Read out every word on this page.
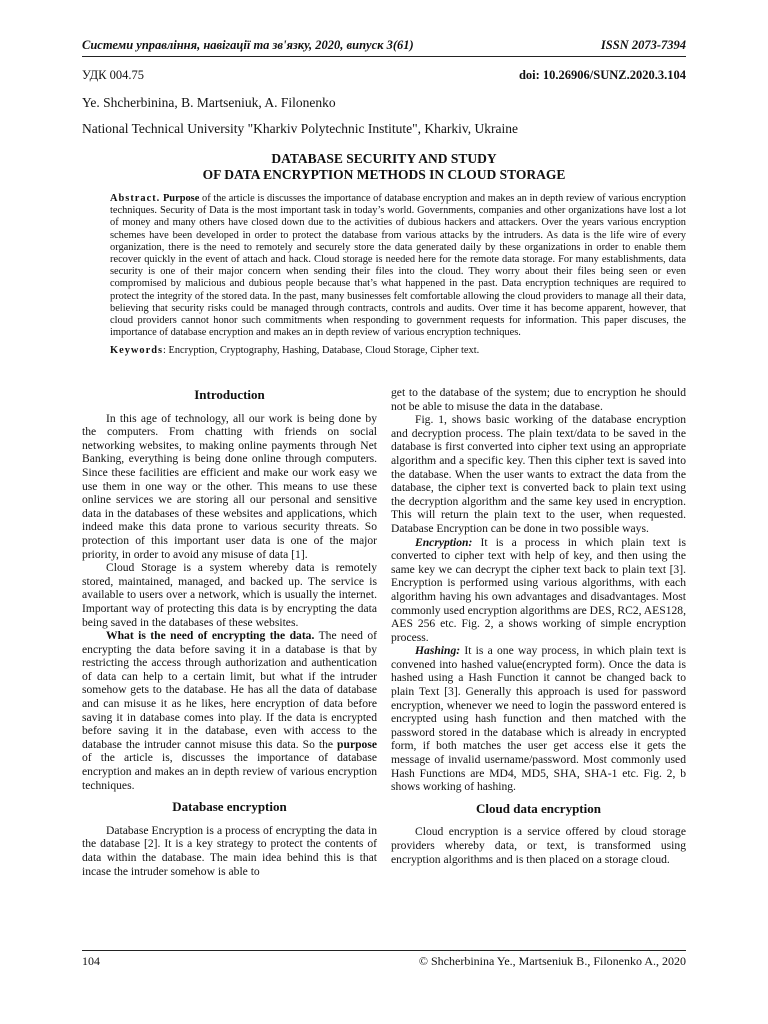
Системи управління, навігації та зв'язку, 2020, випуск 3(61)	ISSN 2073-7394
УДК 004.75	doi: 10.26906/SUNZ.2020.3.104
Ye. Shcherbinina, B. Martseniuk, A. Filonenko
National Technical University "Kharkiv Polytechnic Institute", Kharkiv, Ukraine
DATABASE SECURITY AND STUDY
OF DATA ENCRYPTION METHODS IN CLOUD STORAGE
Abstract. Purpose of the article is discusses the importance of database encryption and makes an in depth review of various encryption techniques. Security of Data is the most important task in today’s world. Governments, companies and other organizations have lost a lot of money and many others have closed down due to the activities of dubious hackers and attackers. Over the years various encryption schemes have been developed in order to protect the database from various attacks by the intruders. As data is the life wire of every organization, there is the need to remotely and securely store the data generated daily by these organizations in order to enable them recover quickly in the event of attach and hack. Cloud storage is needed here for the remote data storage. For many establishments, data security is one of their major concern when sending their files into the cloud. They worry about their files being seen or even compromised by malicious and dubious people because that’s what happened in the past. Data encryption techniques are required to protect the integrity of the stored data. In the past, many businesses felt comfortable allowing the cloud providers to manage all their data, believing that security risks could be managed through contracts, controls and audits. Over time it has become apparent, however, that cloud providers cannot honor such commitments when responding to government requests for information. This paper discuses, the importance of database encryption and makes an in depth review of various encryption techniques.
Keywords: Encryption, Cryptography, Hashing, Database, Cloud Storage, Cipher text.
Introduction

In this age of technology, all our work is being done by the computers. From chatting with friends on social networking websites, to making online payments through Net Banking, everything is being done online through computers. Since these facilities are efficient and make our work easy we use them in one way or the other. This means to use these online services we are storing all our personal and sensitive data in the databases of these websites and applications, which indeed make this data prone to various security threats. So protection of this important user data is one of the major priority, in order to avoid any misuse of data [1].

Cloud Storage is a system whereby data is remotely stored, maintained, managed, and backed up. The service is available to users over a network, which is usually the internet. Important way of protecting this data is by encrypting the data being saved in the databases of these websites.

What is the need of encrypting the data. The need of encrypting the data before saving it in a database is that by restricting the access through authorization and authentication of data can help to a certain limit, but what if the intruder somehow gets to the database. He has all the data of database and can misuse it as he likes, here encryption of data before saving it in database comes into play. If the data is encrypted before saving it in the database, even with access to the database the intruder cannot misuse this data. So the purpose of the article is, discusses the importance of database encryption and makes an in depth review of various encryption techniques.

Database encryption

Database Encryption is a process of encrypting the data in the database [2]. It is a key strategy to protect the contents of data within the database. The main idea behind this is that incase the intruder somehow is able to

get to the database of the system; due to encryption he should not be able to misuse the data in the database.

Fig. 1, shows basic working of the database encryption and decryption process. The plain text/data to be saved in the database is first converted into cipher text using an appropriate algorithm and a specific key. Then this cipher text is saved into the database. When the user wants to extract the data from the database, the cipher text is converted back to plain text using the decryption algorithm and the same key used in encryption. This will return the plain text to the user, when requested. Database Encryption can be done in two possible ways.

Encryption: It is a process in which plain text is converted to cipher text with help of key, and then using the same key we can decrypt the cipher text back to plain text [3]. Encryption is performed using various algorithms, with each algorithm having his own advantages and disadvantages. Most commonly used encryption algorithms are DES, RC2, AES128, AES 256 etc. Fig. 2, a shows working of simple encryption process.

Hashing: It is a one way process, in which plain text is convened into hashed value(encrypted form). Once the data is hashed using a Hash Function it cannot be changed back to plain Text [3]. Generally this approach is used for password encryption, whenever we need to login the password entered is encrypted using hash function and then matched with the password stored in the database which is already in encrypted form, if both matches the user get access else it gets the message of invalid username/password. Most commonly used Hash Functions are MD4, MD5, SHA, SHA-1 etc. Fig. 2, b shows working of hashing.

Cloud data encryption

Cloud encryption is a service offered by cloud storage providers whereby data, or text, is transformed using encryption algorithms and is then placed on a storage cloud.

104	© Shcherbinina Ye., Martseniuk B., Filonenko A., 2020
